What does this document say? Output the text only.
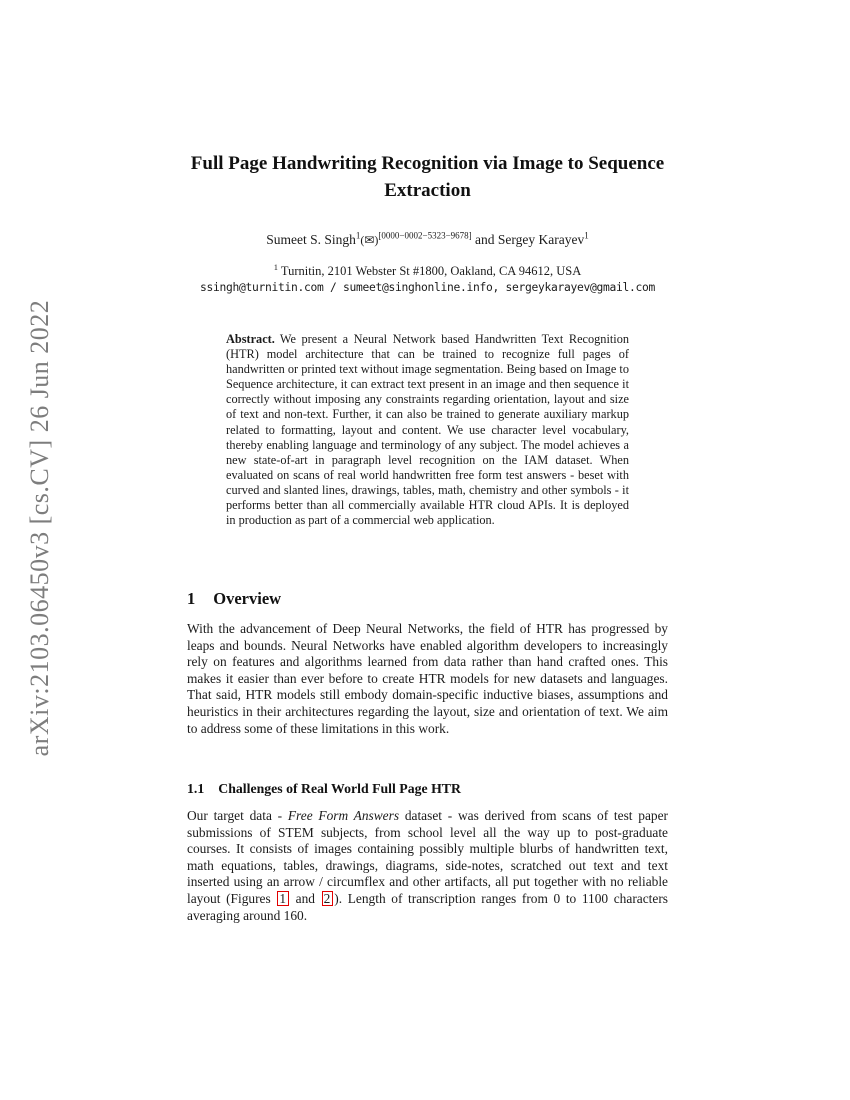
arXiv:2103.06450v3 [cs.CV] 26 Jun 2022
Full Page Handwriting Recognition via Image to Sequence Extraction
Sumeet S. Singh$^1$(✉)[0000−0002−5323−9678] and Sergey Karayev$^1$
$^1$ Turnitin, 2101 Webster St #1800, Oakland, CA 94612, USA
ssingh@turnitin.com / sumeet@singhonline.info, sergeykarayev@gmail.com
Abstract. We present a Neural Network based Handwritten Text Recognition (HTR) model architecture that can be trained to recognize full pages of handwritten or printed text without image segmentation. Being based on Image to Sequence architecture, it can extract text present in an image and then sequence it correctly without imposing any constraints regarding orientation, layout and size of text and non-text. Further, it can also be trained to generate auxiliary markup related to formatting, layout and content. We use character level vocabulary, thereby enabling language and terminology of any subject. The model achieves a new state-of-art in paragraph level recognition on the IAM dataset. When evaluated on scans of real world handwritten free form test answers - beset with curved and slanted lines, drawings, tables, math, chemistry and other symbols - it performs better than all commercially available HTR cloud APIs. It is deployed in production as part of a commercial web application.
1 Overview
With the advancement of Deep Neural Networks, the field of HTR has progressed by leaps and bounds. Neural Networks have enabled algorithm developers to increasingly rely on features and algorithms learned from data rather than hand crafted ones. This makes it easier than ever before to create HTR models for new datasets and languages. That said, HTR models still embody domain-specific inductive biases, assumptions and heuristics in their architectures regarding the layout, size and orientation of text. We aim to address some of these limitations in this work.
1.1 Challenges of Real World Full Page HTR
Our target data - Free Form Answers dataset - was derived from scans of test paper submissions of STEM subjects, from school level all the way up to post-graduate courses. It consists of images containing possibly multiple blurbs of handwritten text, math equations, tables, drawings, diagrams, side-notes, scratched out text and text inserted using an arrow / circumflex and other artifacts, all put together with no reliable layout (Figures 1 and 2 ). Length of transcription ranges from 0 to 1100 characters averaging around 160.
